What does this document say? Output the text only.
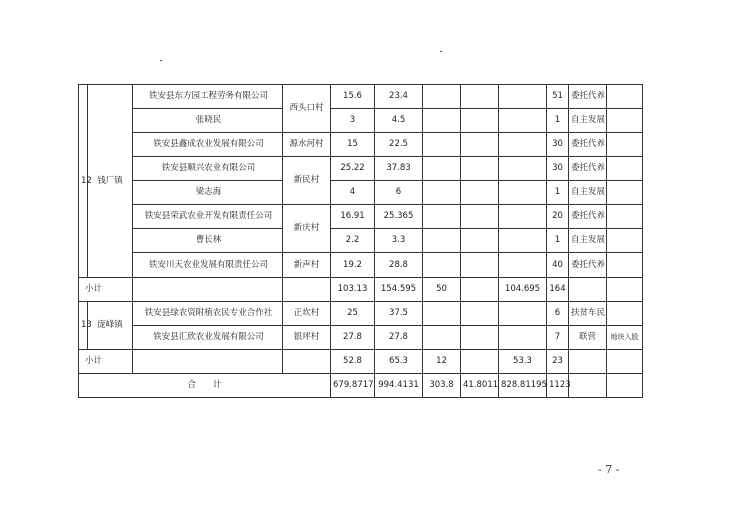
12	钱厂镇	铁安县东方园工程劳务有限公司	西头口村	15.6	23.4				51	委托代养	
		张晓民		3	4.5				1	自主发展	
		铁安县鑫成农业发展有限公司	源水河村	15	22.5				30	委托代养	
		铁安县顺兴农业有限公司	新民村	25.22	37.83				30	委托代养	
		梁志海		4	6				1	自主发展	
		铁安县荣武农业开发有限责任公司	新庆村	16.91	25.365				20	委托代养	
		曹长林		2.2	3.3				1	自主发展	
		铁安川天农业发展有限责任公司	新声村	19.2	28.8				40	委托代养	
小计				103.13	154.595	50		104.695	164		
13	庞峰镇	铁安县绿农资附植农民专业合作社	正坎村	25	37.5				6	扶贫车民	
		铁安县汇欣农业发展有限公司	银坪村	27.8	27.8				7	联营	地块入股
小计				52.8	65.3	12		53.3	23		
合　　计				679.8717	994.4131	303.8	41.8011	828.81195	1123		
- 7 -
